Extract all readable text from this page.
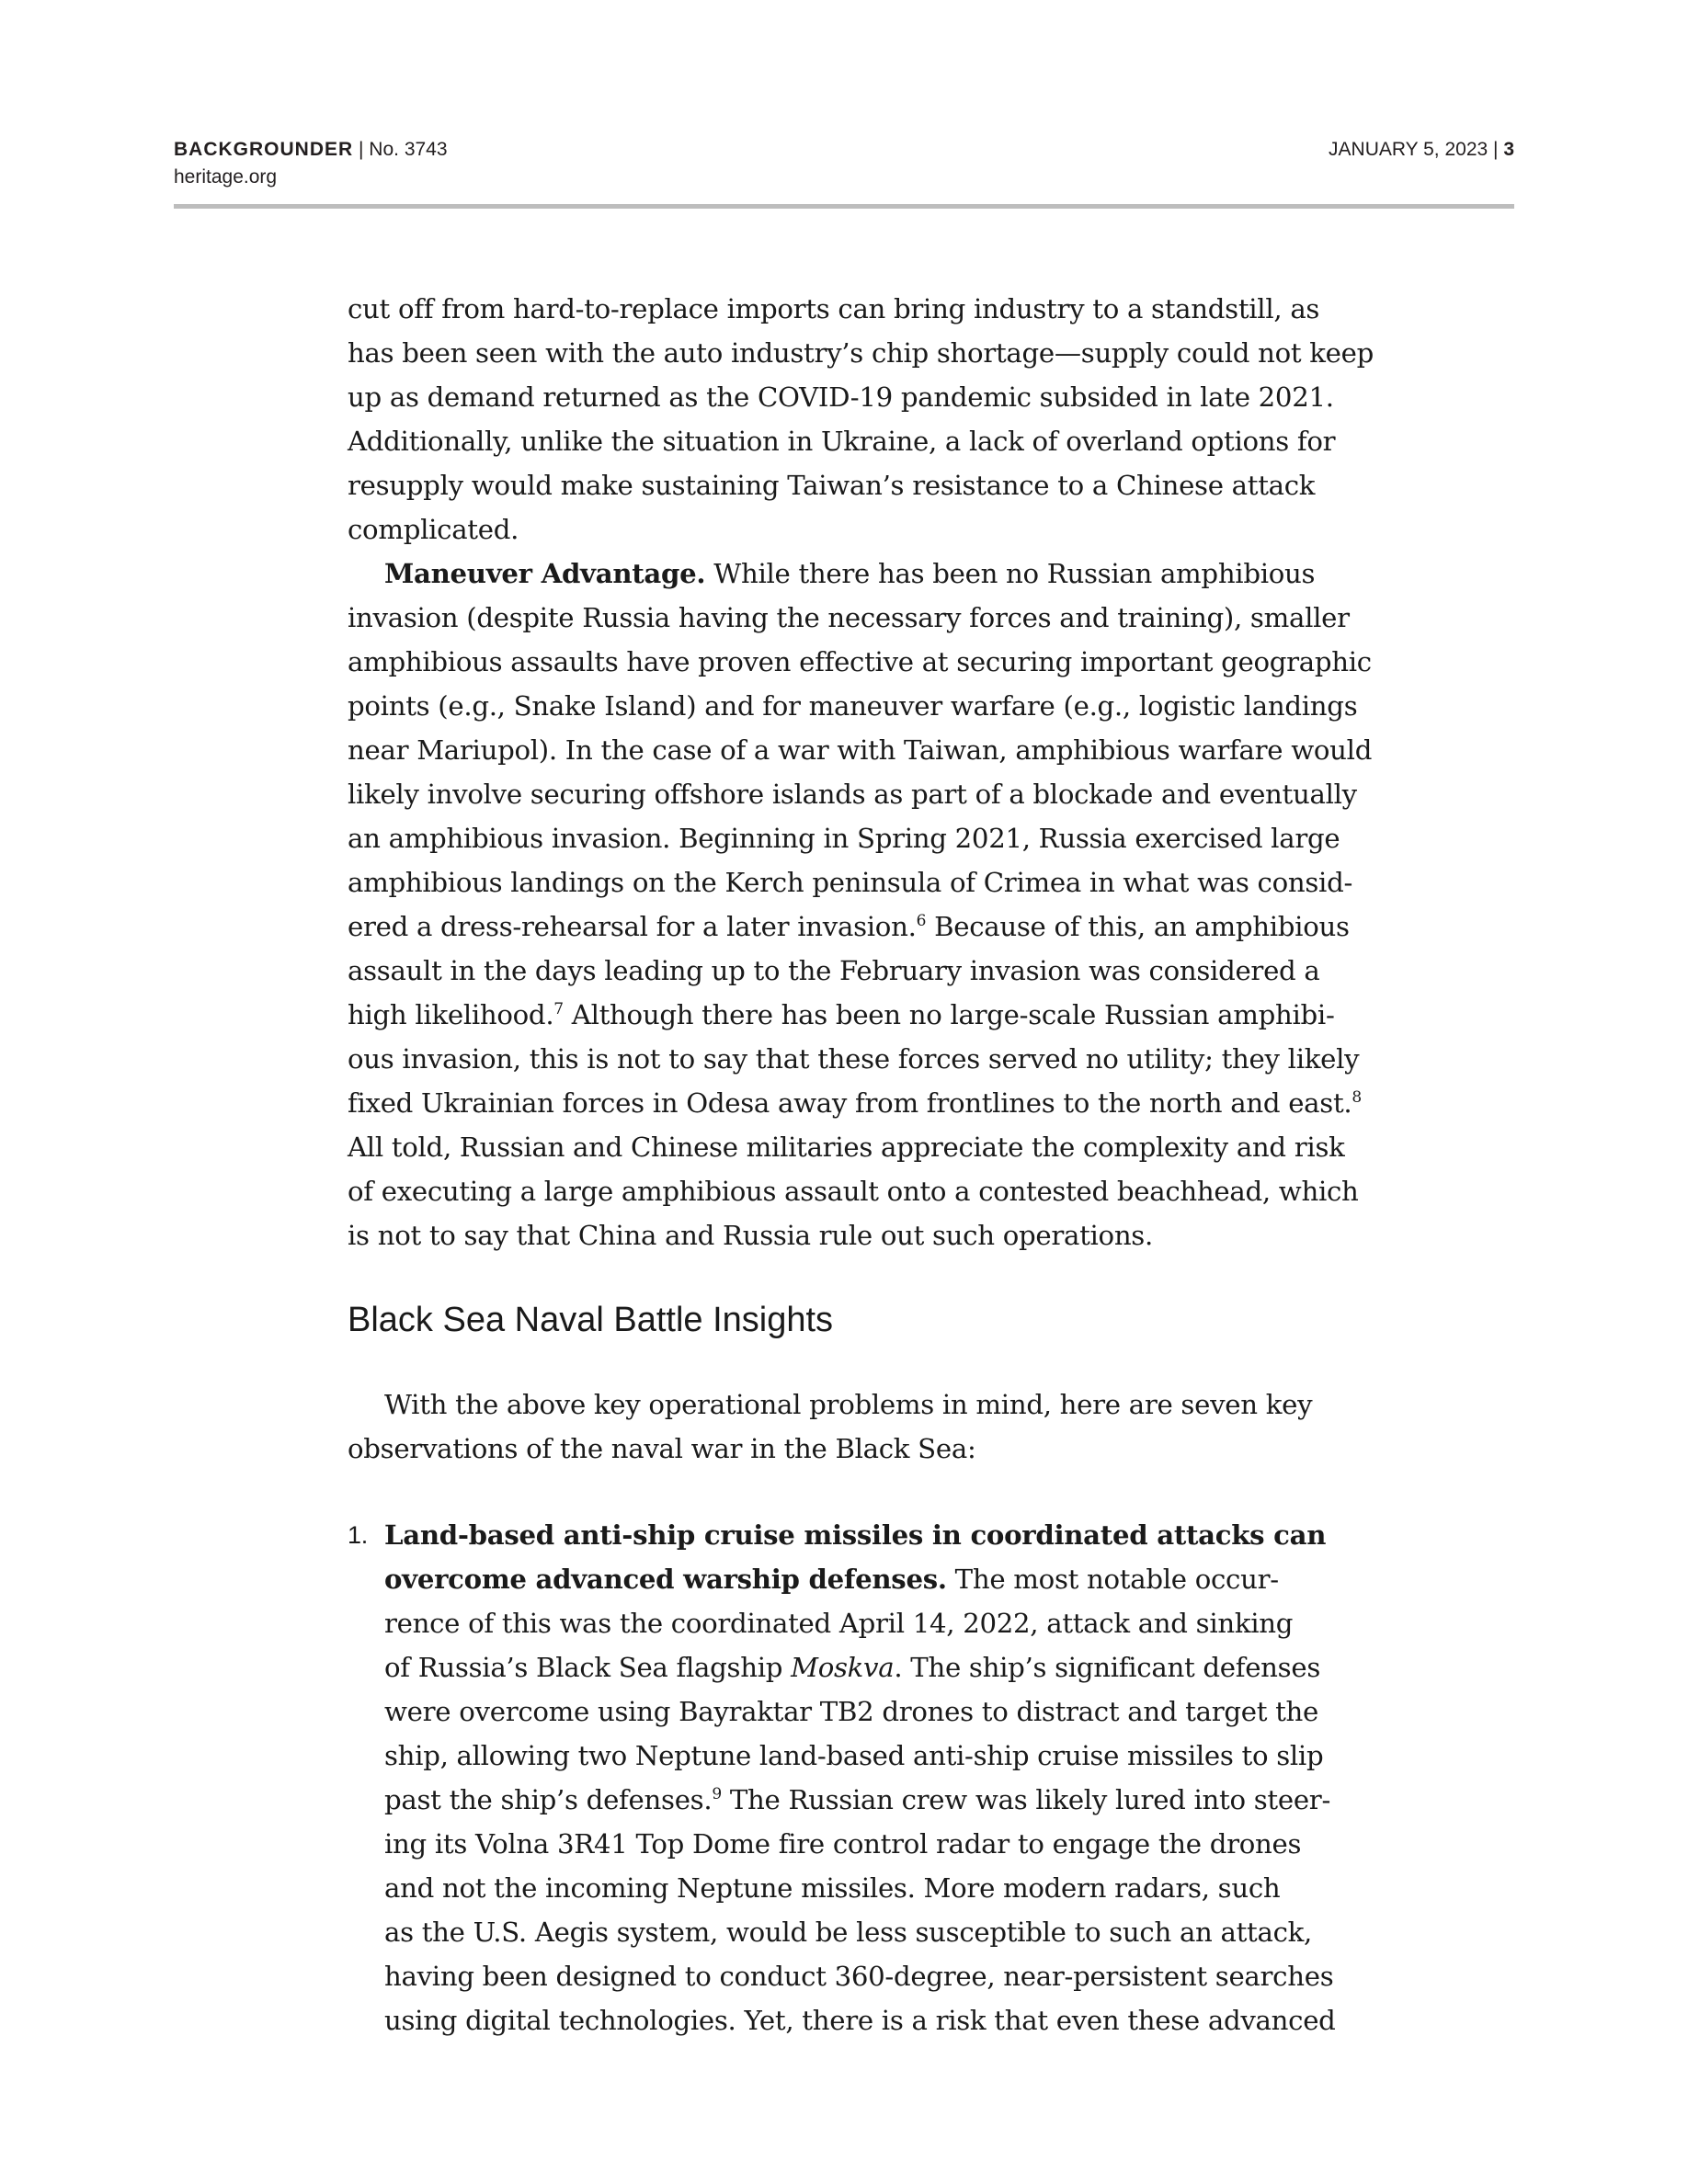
BACKGROUNDER | No. 3743
heritage.org
JANUARY 5, 2023 | 3
cut off from hard-to-replace imports can bring industry to a standstill, as
has been seen with the auto industry’s chip shortage—supply could not keep
up as demand returned as the COVID-19 pandemic subsided in late 2021.
Additionally, unlike the situation in Ukraine, a lack of overland options for
resupply would make sustaining Taiwan’s resistance to a Chinese attack
complicated.
Maneuver Advantage. While there has been no Russian amphibious
invasion (despite Russia having the necessary forces and training), smaller
amphibious assaults have proven effective at securing important geographic
points (e.g., Snake Island) and for maneuver warfare (e.g., logistic landings
near Mariupol). In the case of a war with Taiwan, amphibious warfare would
likely involve securing offshore islands as part of a blockade and eventually
an amphibious invasion. Beginning in Spring 2021, Russia exercised large
amphibious landings on the Kerch peninsula of Crimea in what was consid-
ered a dress-rehearsal for a later invasion.$^6$ Because of this, an amphibious
assault in the days leading up to the February invasion was considered a
high likelihood.$^7$ Although there has been no large-scale Russian amphibi-
ous invasion, this is not to say that these forces served no utility; they likely
fixed Ukrainian forces in Odesa away from frontlines to the north and east.$^8$
All told, Russian and Chinese militaries appreciate the complexity and risk
of executing a large amphibious assault onto a contested beachhead, which
is not to say that China and Russia rule out such operations.
Black Sea Naval Battle Insights
With the above key operational problems in mind, here are seven key
observations of the naval war in the Black Sea:
1. Land-based anti-ship cruise missiles in coordinated attacks can
overcome advanced warship defenses. The most notable occur-
rence of this was the coordinated April 14, 2022, attack and sinking
of Russia’s Black Sea flagship Moskva. The ship’s significant defenses
were overcome using Bayraktar TB2 drones to distract and target the
ship, allowing two Neptune land-based anti-ship cruise missiles to slip
past the ship’s defenses.$^9$ The Russian crew was likely lured into steer-
ing its Volna 3R41 Top Dome fire control radar to engage the drones
and not the incoming Neptune missiles. More modern radars, such
as the U.S. Aegis system, would be less susceptible to such an attack,
having been designed to conduct 360-degree, near-persistent searches
using digital technologies. Yet, there is a risk that even these advanced
